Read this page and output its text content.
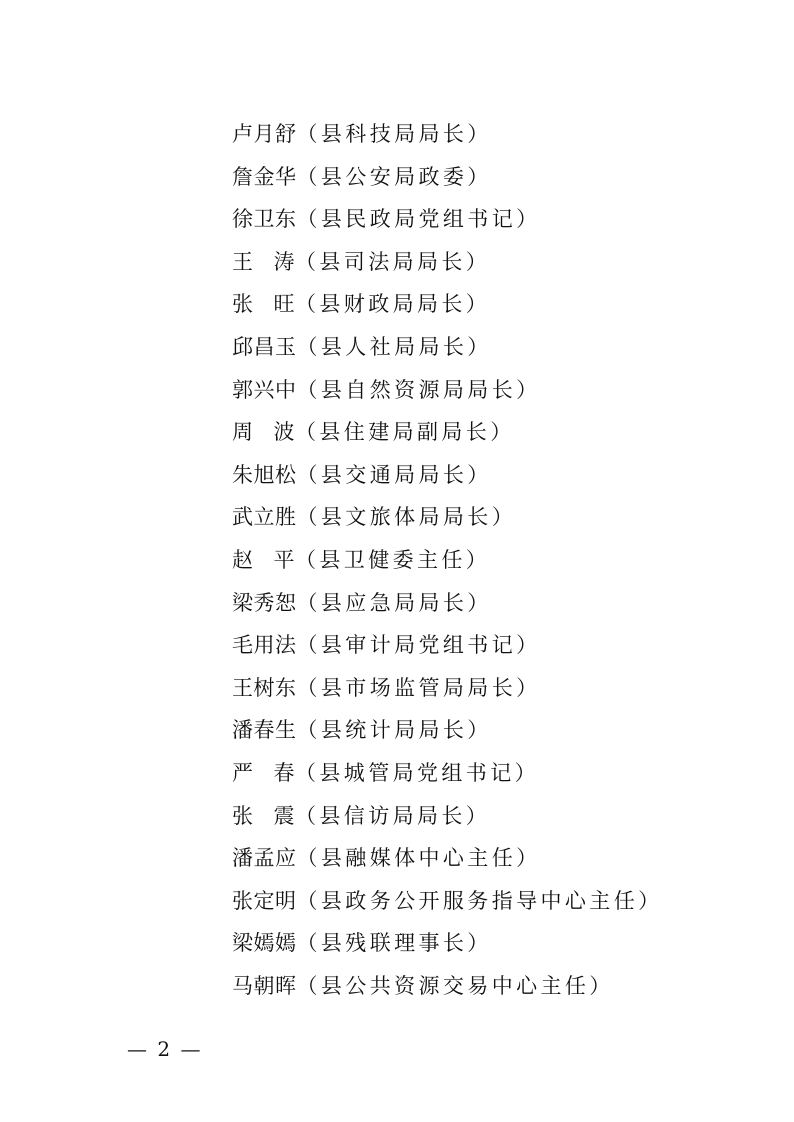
卢月舒（县科技局局长）
詹金华（县公安局政委）
徐卫东（县民政局党组书记）
王 涛（县司法局局长）
张 旺（县财政局局长）
邱昌玉（县人社局局长）
郭兴中（县自然资源局局长）
周 波（县住建局副局长）
朱旭松（县交通局局长）
武立胜（县文旅体局局长）
赵 平（县卫健委主任）
梁秀恕（县应急局局长）
毛用法（县审计局党组书记）
王树东（县市场监管局局长）
潘春生（县统计局局长）
严 春（县城管局党组书记）
张 震（县信访局局长）
潘孟应（县融媒体中心主任）
张定明（县政务公开服务指导中心主任）
梁嫣嫣（县残联理事长）
马朝晖（县公共资源交易中心主任）
— 2 —
